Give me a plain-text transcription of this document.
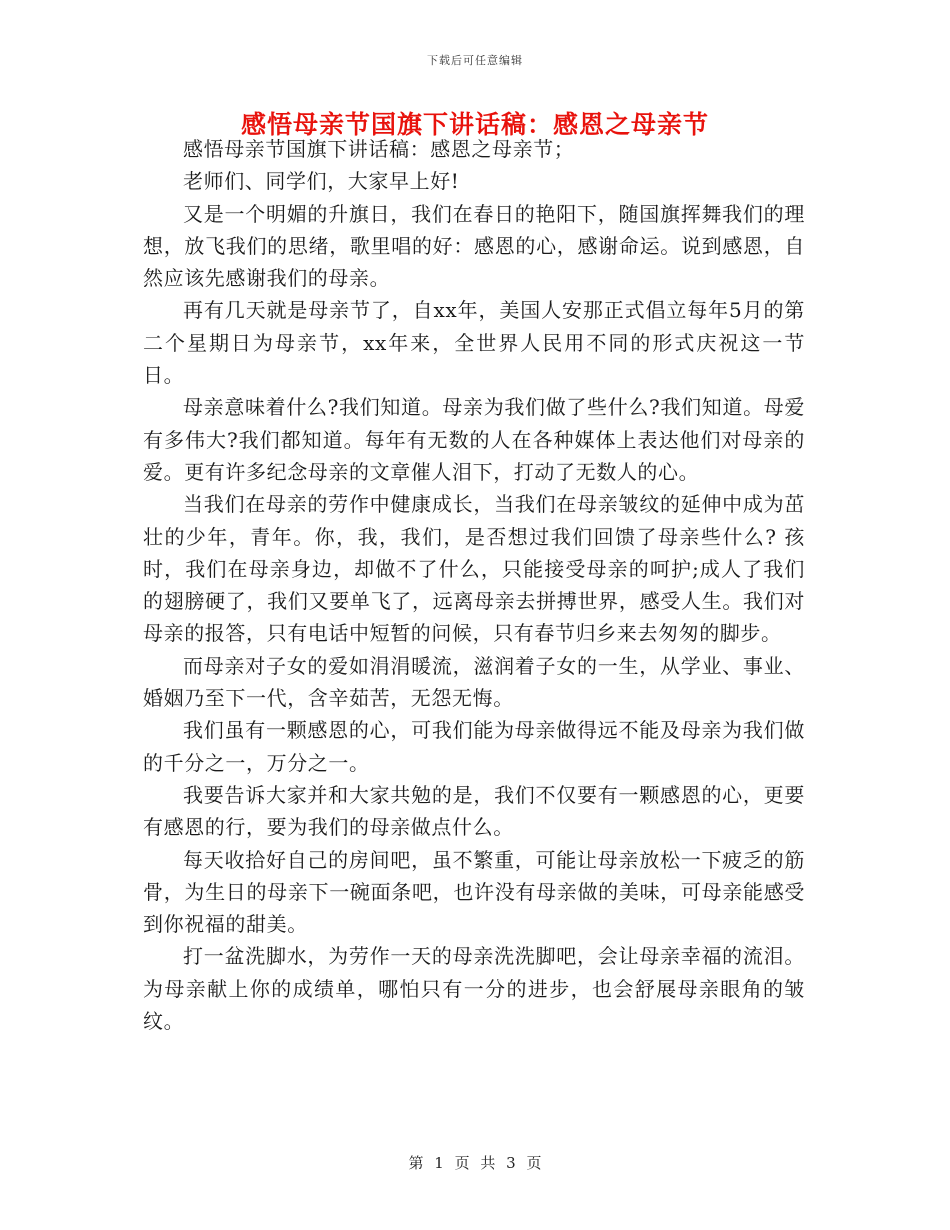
下载后可任意编辑
感悟母亲节国旗下讲话稿：感恩之母亲节

感悟母亲节国旗下讲话稿：感恩之母亲节；

老师们、同学们，大家早上好!

又是一个明媚的升旗日，我们在春日的艳阳下，随国旗挥舞我们的理想，放飞我们的思绪，歌里唱的好：感恩的心，感谢命运。说到感恩，自然应该先感谢我们的母亲。

再有几天就是母亲节了，自xx年，美国人安那正式倡立每年5月的第二个星期日为母亲节，xx年来，全世界人民用不同的形式庆祝这一节日。

母亲意味着什么?我们知道。母亲为我们做了些什么?我们知道。母爱有多伟大?我们都知道。每年有无数的人在各种媒体上表达他们对母亲的爱。更有许多纪念母亲的文章催人泪下，打动了无数人的心。

当我们在母亲的劳作中健康成长，当我们在母亲皱纹的延伸中成为茁壮的少年，青年。你，我，我们，是否想过我们回馈了母亲些什么? 孩时，我们在母亲身边，却做不了什么，只能接受母亲的呵护;成人了我们的翅膀硬了，我们又要单飞了，远离母亲去拼搏世界，感受人生。我们对母亲的报答，只有电话中短暂的问候，只有春节归乡来去匆匆的脚步。

而母亲对子女的爱如涓涓暖流，滋润着子女的一生，从学业、事业、婚姻乃至下一代，含辛茹苦，无怨无悔。

我们虽有一颗感恩的心，可我们能为母亲做得远不能及母亲为我们做的千分之一，万分之一。

我要告诉大家并和大家共勉的是，我们不仅要有一颗感恩的心，更要有感恩的行，要为我们的母亲做点什么。

每天收拾好自己的房间吧，虽不繁重，可能让母亲放松一下疲乏的筋骨，为生日的母亲下一碗面条吧，也许没有母亲做的美味，可母亲能感受到你祝福的甜美。

打一盆洗脚水，为劳作一天的母亲洗洗脚吧，会让母亲幸福的流泪。为母亲献上你的成绩单，哪怕只有一分的进步，也会舒展母亲眼角的皱纹。

第 1 页 共 3 页
